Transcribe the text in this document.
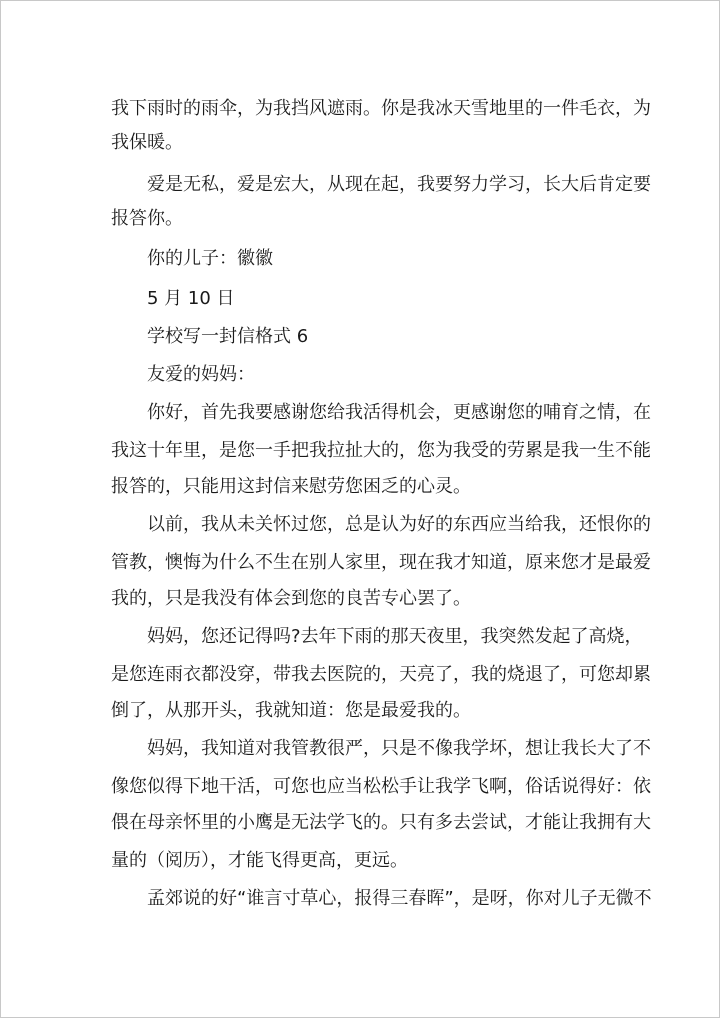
我下雨时的雨伞，为我挡风遮雨。你是我冰天雪地里的一件毛衣，为

我保暖。

爱是无私，爱是宏大，从现在起，我要努力学习，长大后肯定要

报答你。

你的儿子：徽徽

5 月 10 日

学校写一封信格式 6

友爱的妈妈：

你好，首先我要感谢您给我活得机会，更感谢您的哺育之情，在

我这十年里，是您一手把我拉扯大的，您为我受的劳累是我一生不能

报答的，只能用这封信来慰劳您困乏的心灵。

以前，我从未关怀过您，总是认为好的东西应当给我，还恨你的

管教，懊悔为什么不生在别人家里，现在我才知道，原来您才是最爱

我的，只是我没有体会到您的良苦专心罢了。

妈妈，您还记得吗?去年下雨的那天夜里，我突然发起了高烧，

是您连雨衣都没穿，带我去医院的，天亮了，我的烧退了，可您却累

倒了，从那开头，我就知道：您是最爱我的。

妈妈，我知道对我管教很严，只是不像我学坏，想让我长大了不

像您似得下地干活，可您也应当松松手让我学飞啊，俗话说得好：依

偎在母亲怀里的小鹰是无法学飞的。只有多去尝试，才能让我拥有大

量的（阅历），才能飞得更高，更远。

孟郊说的好“谁言寸草心，报得三春晖”，是呀，你对儿子无微不
